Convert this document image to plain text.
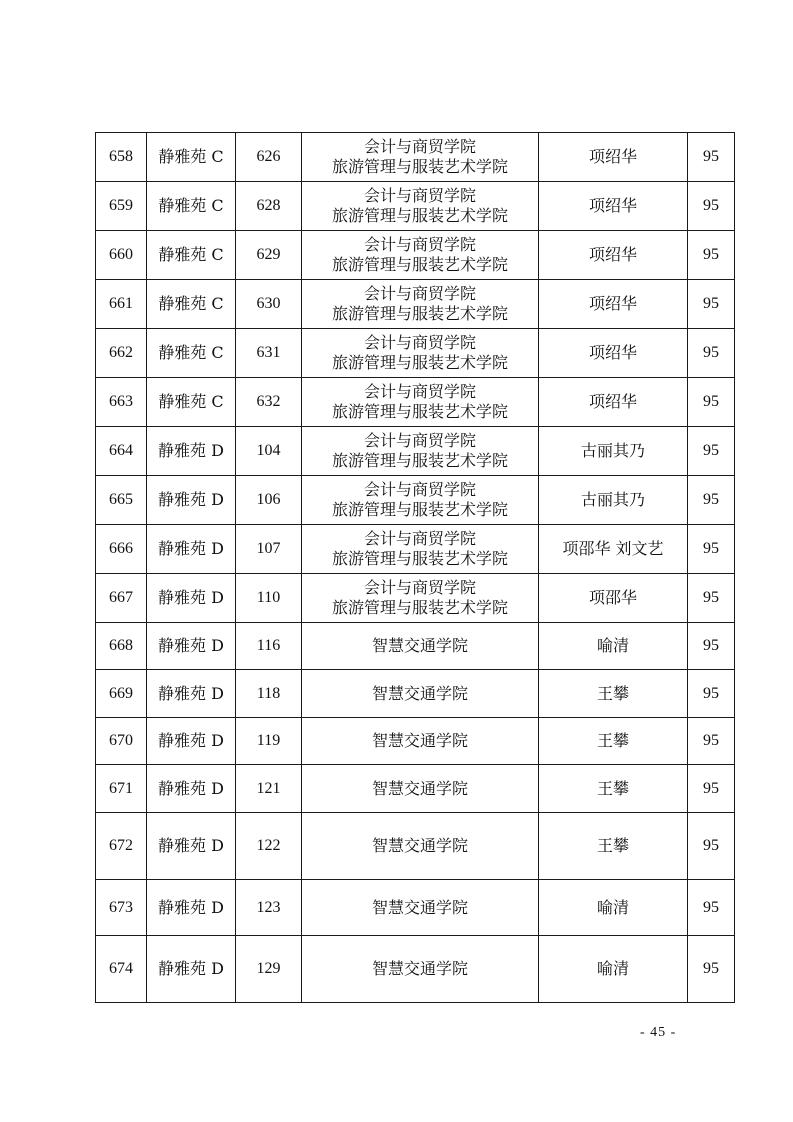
658	静雅苑 C	626	会计与商贸学院
旅游管理与服装艺术学院	项绍华	95
659	静雅苑 C	628	会计与商贸学院
旅游管理与服装艺术学院	项绍华	95
660	静雅苑 C	629	会计与商贸学院
旅游管理与服装艺术学院	项绍华	95
661	静雅苑 C	630	会计与商贸学院
旅游管理与服装艺术学院	项绍华	95
662	静雅苑 C	631	会计与商贸学院
旅游管理与服装艺术学院	项绍华	95
663	静雅苑 C	632	会计与商贸学院
旅游管理与服装艺术学院	项绍华	95
664	静雅苑 D	104	会计与商贸学院
旅游管理与服装艺术学院	古丽其乃	95
665	静雅苑 D	106	会计与商贸学院
旅游管理与服装艺术学院	古丽其乃	95
666	静雅苑 D	107	会计与商贸学院
旅游管理与服装艺术学院	项邵华 刘文艺	95
667	静雅苑 D	110	会计与商贸学院
旅游管理与服装艺术学院	项邵华	95
668	静雅苑 D	116	智慧交通学院	喻清	95
669	静雅苑 D	118	智慧交通学院	王攀	95
670	静雅苑 D	119	智慧交通学院	王攀	95
671	静雅苑 D	121	智慧交通学院	王攀	95
672	静雅苑 D	122	智慧交通学院	王攀	95
673	静雅苑 D	123	智慧交通学院	喻清	95
674	静雅苑 D	129	智慧交通学院	喻清	95
- 45 -
